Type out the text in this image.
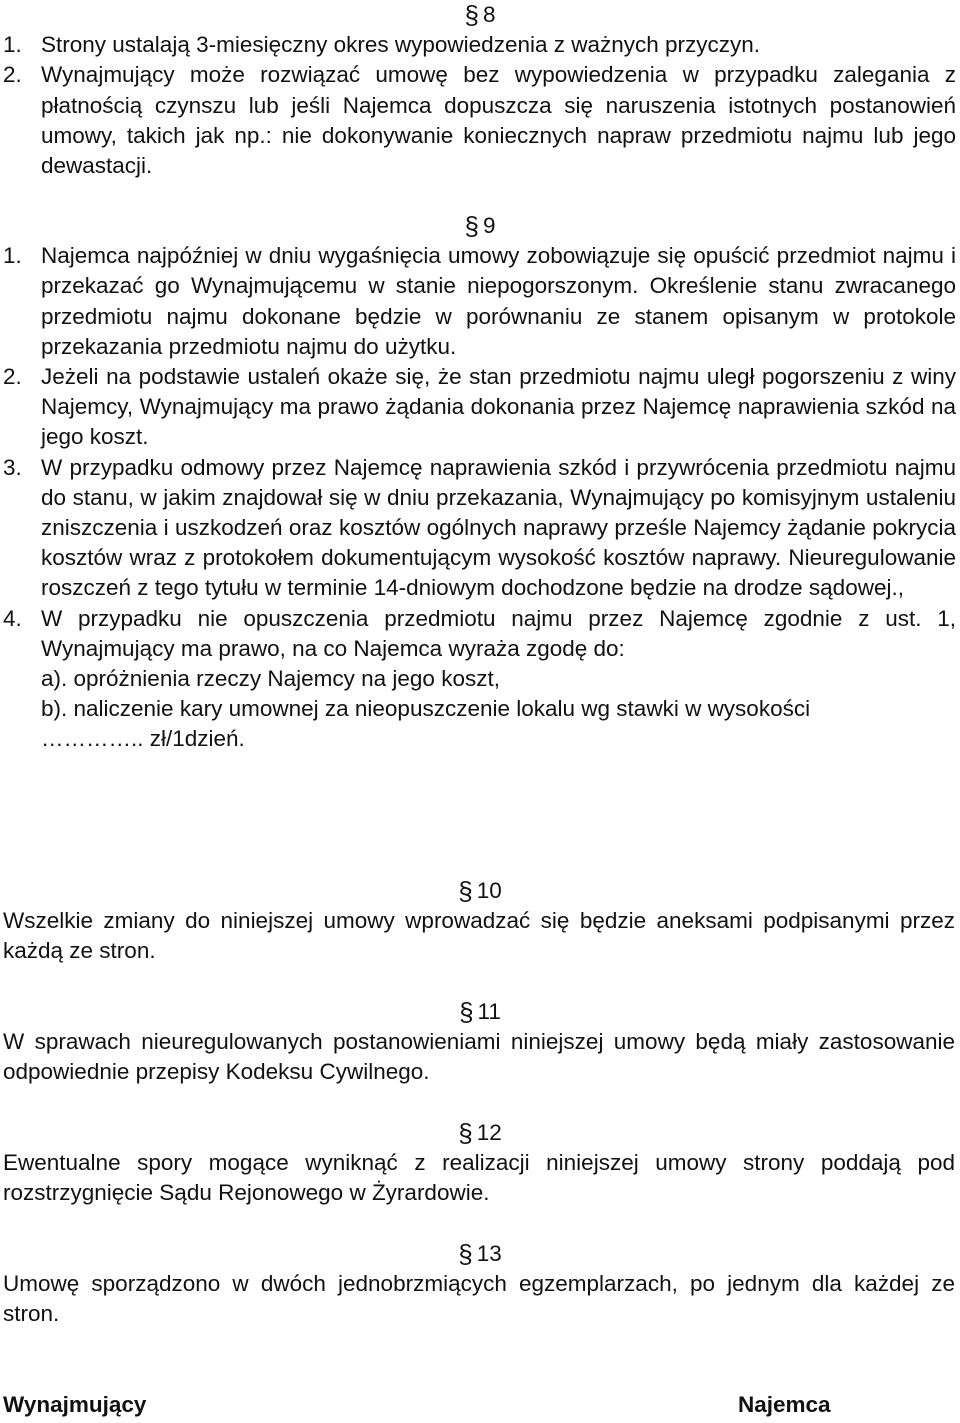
§ 8
1. Strony ustalają 3-miesięczny okres wypowiedzenia z ważnych przyczyn.
2. Wynajmujący może rozwiązać umowę bez wypowiedzenia w przypadku zalegania z płatnością czynszu lub jeśli Najemca dopuszcza się naruszenia istotnych postanowień umowy, takich jak np.: nie dokonywanie koniecznych napraw przedmiotu najmu lub jego dewastacji.
§ 9
1. Najemca najpóźniej w dniu wygaśnięcia umowy zobowiązuje się opuścić przedmiot najmu i przekazać go Wynajmującemu w stanie niepogorszonym. Określenie stanu zwracanego przedmiotu najmu dokonane będzie w porównaniu ze stanem opisanym w protokole przekazania przedmiotu najmu do użytku.
2. Jeżeli na podstawie ustaleń okaże się, że stan przedmiotu najmu uległ pogorszeniu z winy Najemcy, Wynajmujący ma prawo żądania dokonania przez Najemcę naprawienia szkód na jego koszt.
3. W przypadku odmowy przez Najemcę naprawienia szkód i przywrócenia przedmiotu najmu do stanu, w jakim znajdował się w dniu przekazania, Wynajmujący po komisyjnym ustaleniu zniszczenia i uszkodzeń oraz kosztów ogólnych naprawy prześle Najemcy żądanie pokrycia kosztów wraz z protokołem dokumentującym wysokość kosztów naprawy. Nieuregulowanie roszczeń z tego tytułu w terminie 14-dniowym dochodzone będzie na drodze sądowej.,
4. W przypadku nie opuszczenia przedmiotu najmu przez Najemcę zgodnie z ust. 1, Wynajmujący ma prawo, na co Najemca wyraża zgodę do:
a). opróżnienia rzeczy Najemcy na jego koszt,
b). naliczenie kary umownej za nieopuszczenie lokalu wg stawki w wysokości
………….. zł/1dzień.
§ 10
Wszelkie zmiany do niniejszej umowy wprowadzać się będzie aneksami podpisanymi przez każdą ze stron.
§ 11
W sprawach nieuregulowanych postanowieniami niniejszej umowy będą miały zastosowanie odpowiednie przepisy Kodeksu Cywilnego.
§ 12
Ewentualne spory mogące wyniknąć z realizacji niniejszej umowy strony poddają pod rozstrzygnięcie Sądu Rejonowego w Żyrardowie.
§ 13
Umowę sporządzono w dwóch jednobrzmiących egzemplarzach, po jednym dla każdej ze stron.
Wynajmujący	Najemca
